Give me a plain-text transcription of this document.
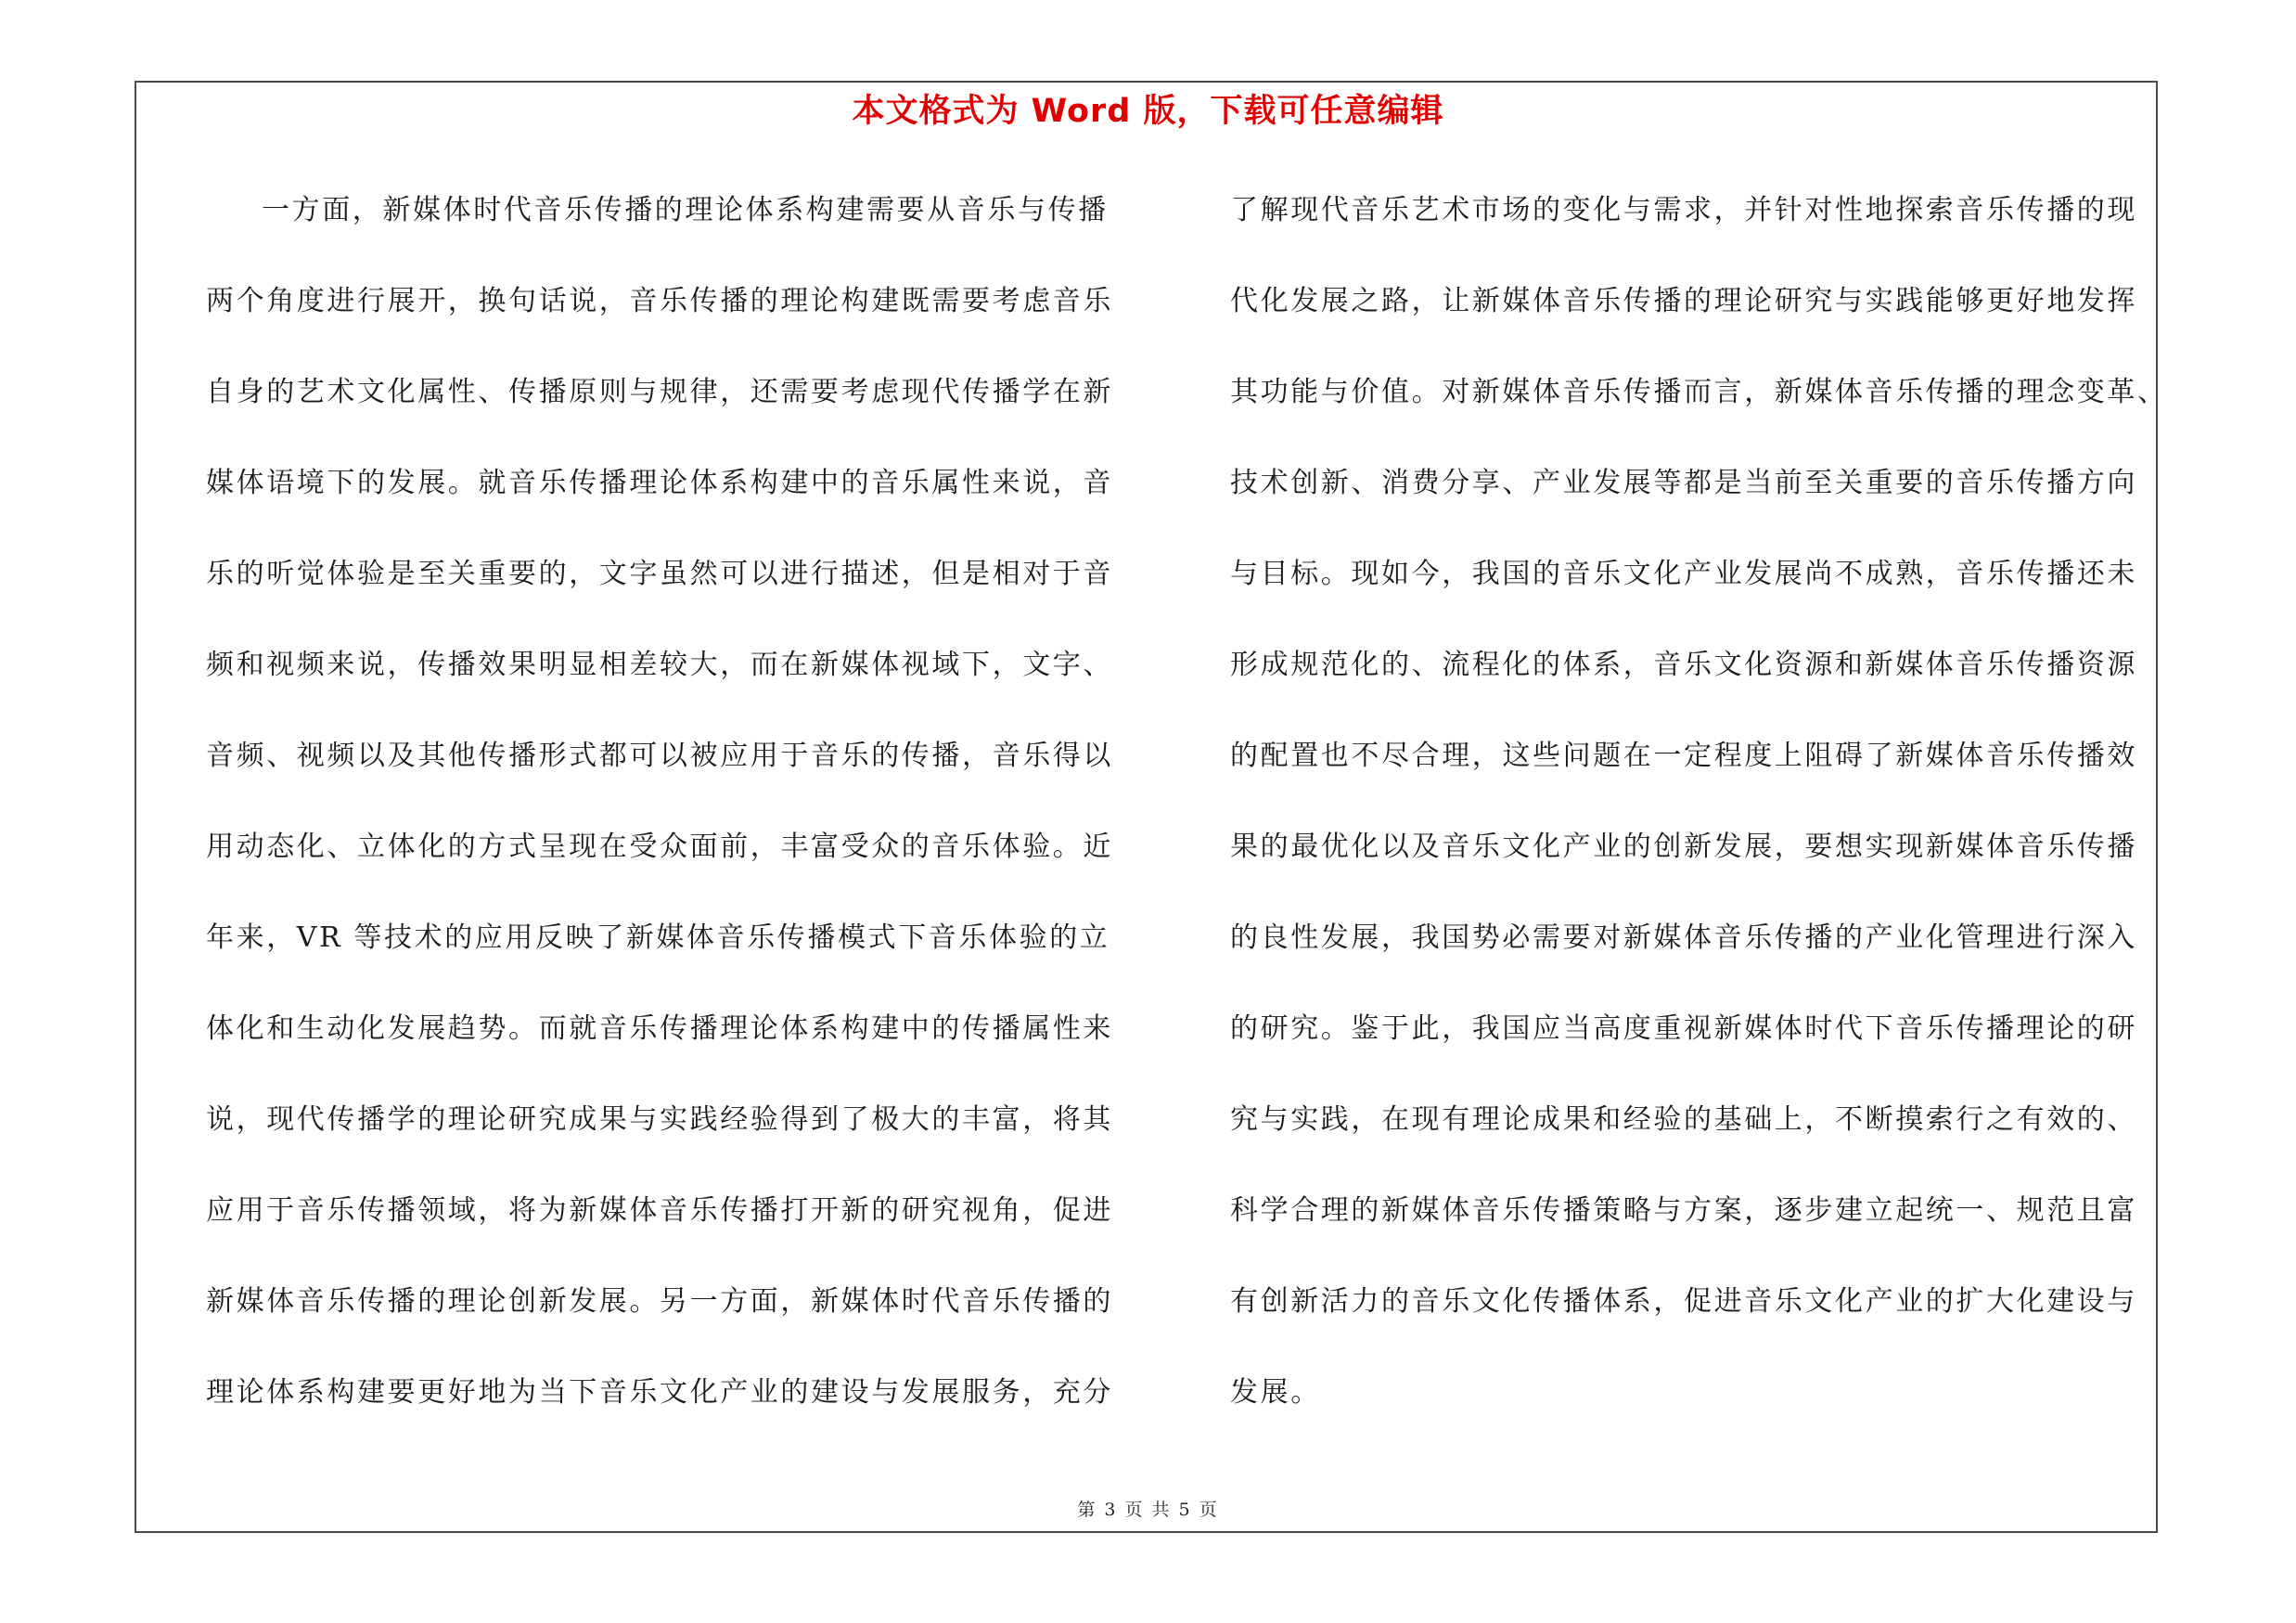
本文格式为 Word 版，下载可任意编辑
一方面，新媒体时代音乐传播的理论体系构建需要从音乐与传播
两个角度进行展开，换句话说，音乐传播的理论构建既需要考虑音乐
自身的艺术文化属性、传播原则与规律，还需要考虑现代传播学在新
媒体语境下的发展。就音乐传播理论体系构建中的音乐属性来说，音
乐的听觉体验是至关重要的，文字虽然可以进行描述，但是相对于音
频和视频来说，传播效果明显相差较大，而在新媒体视域下，文字、
音频、视频以及其他传播形式都可以被应用于音乐的传播，音乐得以
用动态化、立体化的方式呈现在受众面前，丰富受众的音乐体验。近
年来，VR 等技术的应用反映了新媒体音乐传播模式下音乐体验的立
体化和生动化发展趋势。而就音乐传播理论体系构建中的传播属性来
说，现代传播学的理论研究成果与实践经验得到了极大的丰富，将其
应用于音乐传播领域，将为新媒体音乐传播打开新的研究视角，促进
新媒体音乐传播的理论创新发展。另一方面，新媒体时代音乐传播的
理论体系构建要更好地为当下音乐文化产业的建设与发展服务，充分
了解现代音乐艺术市场的变化与需求，并针对性地探索音乐传播的现
代化发展之路，让新媒体音乐传播的理论研究与实践能够更好地发挥
其功能与价值。对新媒体音乐传播而言，新媒体音乐传播的理念变革、
技术创新、消费分享、产业发展等都是当前至关重要的音乐传播方向
与目标。现如今，我国的音乐文化产业发展尚不成熟，音乐传播还未
形成规范化的、流程化的体系，音乐文化资源和新媒体音乐传播资源
的配置也不尽合理，这些问题在一定程度上阻碍了新媒体音乐传播效
果的最优化以及音乐文化产业的创新发展，要想实现新媒体音乐传播
的良性发展，我国势必需要对新媒体音乐传播的产业化管理进行深入
的研究。鉴于此，我国应当高度重视新媒体时代下音乐传播理论的研
究与实践，在现有理论成果和经验的基础上，不断摸索行之有效的、
科学合理的新媒体音乐传播策略与方案，逐步建立起统一、规范且富
有创新活力的音乐文化传播体系，促进音乐文化产业的扩大化建设与
发展。
第 3 页 共 5 页
